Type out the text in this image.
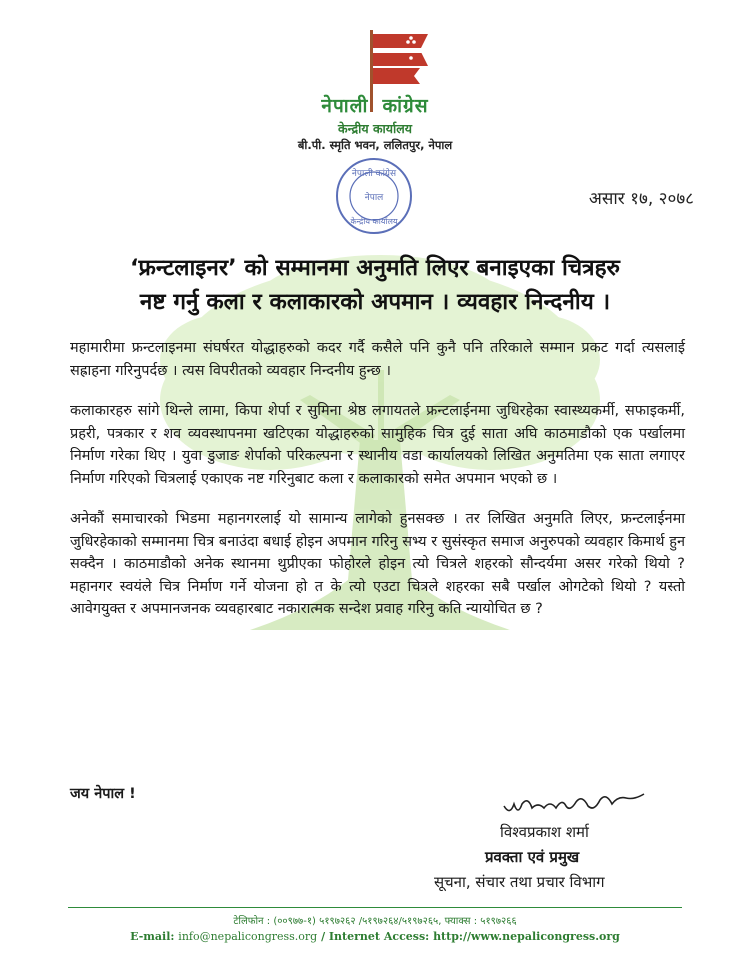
नेपाली कांग्रेस
केन्द्रीय कार्यालय
बी.पी. स्मृति भवन, ललितपुर, नेपाल
नेपाली कांग्रेस
नेपाल
केन्द्रीय कार्यालय
असार १७, २०७८
‘फ्रन्टलाइनर’ को सम्मानमा अनुमति लिएर बनाइएका चित्रहरु
नष्ट गर्नु कला र कलाकारको अपमान । व्यवहार निन्दनीय ।

महामारीमा फ्रन्टलाइनमा संघर्षरत योद्धाहरुको कदर गर्दै कसैले पनि कुनै पनि तरिकाले सम्मान प्रकट गर्दा त्यसलाई सह्राहना गरिनुपर्दछ । त्यस विपरीतको व्यवहार निन्दनीय हुन्छ ।

कलाकारहरु सांगे थिन्ले लामा, किपा शेर्पा र सुमिना श्रेष्ठ लगायतले फ्रन्टलाईनमा जुधिरहेका स्वास्थ्यकर्मी, सफाइकर्मी, प्रहरी, पत्रकार र शव व्यवस्थापनमा खटिएका योद्धाहरुको सामुहिक चित्र दुई साता अघि काठमाडौको एक पर्खालमा निर्माण गरेका थिए । युवा डुजाङ शेर्पाको परिकल्पना र स्थानीय वडा कार्यालयको लिखित अनुमतिमा एक साता लगाएर निर्माण गरिएको चित्रलाई एकाएक नष्ट गरिनुबाट कला र कलाकारको समेत अपमान भएको छ ।

अनेकौं समाचारको भिडमा महानगरलाई यो सामान्य लागेको हुनसक्छ । तर लिखित अनुमति लिएर, फ्रन्टलाईनमा जुधिरहेकाको सम्मानमा चित्र बनाउंदा बधाई होइन अपमान गरिनु सभ्य र सुसंस्कृत समाज अनुरुपको व्यवहार किमार्थ हुन सक्दैन । काठमाडौको अनेक स्थानमा थुप्रीएका फोहोरले होइन त्यो चित्रले शहरको सौन्दर्यमा असर गरेको थियो ? महानगर स्वयंले चित्र निर्माण गर्ने योजना हो त के त्यो एउटा चित्रले शहरका सबै पर्खाल ओगटेको थियो ? यस्तो आवेगयुक्त र अपमानजनक व्यवहारबाट नकारात्मक सन्देश प्रवाह गरिनु कति न्यायोचित छ ?

जय नेपाल !
विश्वप्रकाश शर्मा
प्रवक्ता एवं प्रमुख
सूचना, संचार तथा प्रचार विभाग
टेलिफोन : (००९७७-१) ५१९७२६२ /५१९७२६४/५१९७२६५, फ्याक्स : ५१९७२६६
E-mail: info@nepalicongress.org / Internet Access: http://www.nepalicongress.org
